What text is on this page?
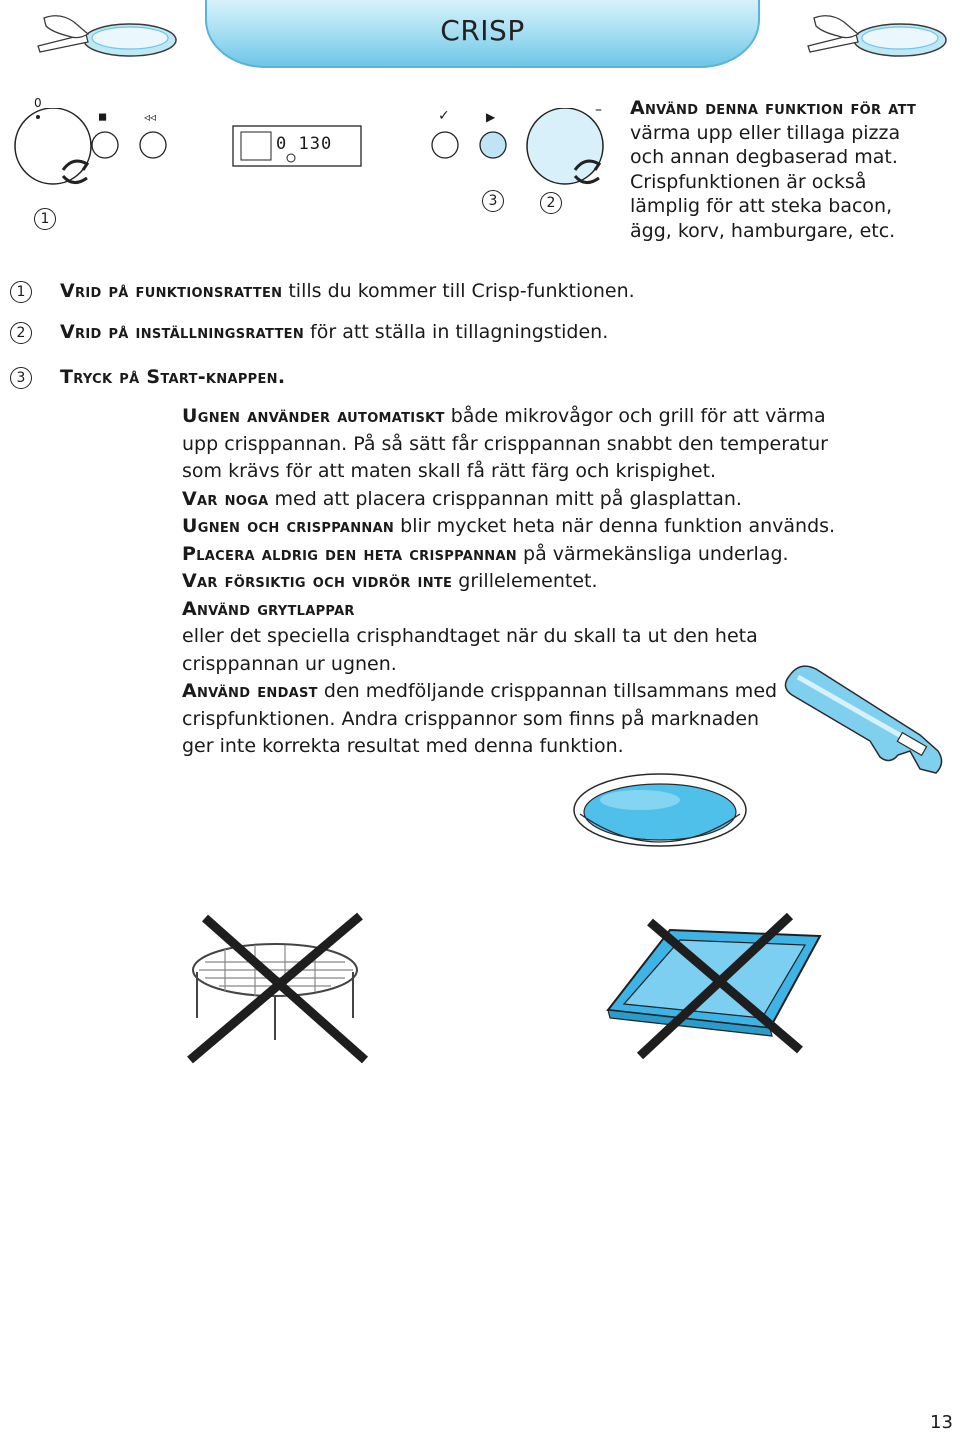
CRISP
0
0 130
◼	◃◃	✓	▶	–
1
3	2
Använd denna funktion för att värma upp eller tillaga pizza och annan degbaserad mat. Crispfunktionen är också lämplig för att steka bacon, ägg, korv, hamburgare, etc.
1	Vrid på funktionsratten tills du kommer till Crisp-funktionen.
2	Vrid på inställningsratten för att ställa in tillagningstiden.
3	Tryck på Start-knappen.

Ugnen använder automatiskt både mikrovågor och grill för att värma upp crisppannan. På så sätt får crisppannan snabbt den temperatur som krävs för att maten skall få rätt färg och krispighet.

Var noga med att placera crisppannan mitt på glasplattan.

Ugnen och crisppannan blir mycket heta när denna funktion används.

Placera aldrig den heta crisppannan på värmekänsliga underlag.

Var försiktig och vidrör inte grillelementet.

Använd grytlappar

eller det speciella crisphandtaget när du skall ta ut den heta crisppannan ur ugnen.

Använd endast den medföljande crisppannan tillsammans med crispfunktionen. Andra crisppannor som finns på marknaden ger inte korrekta resultat med denna funktion.

13
